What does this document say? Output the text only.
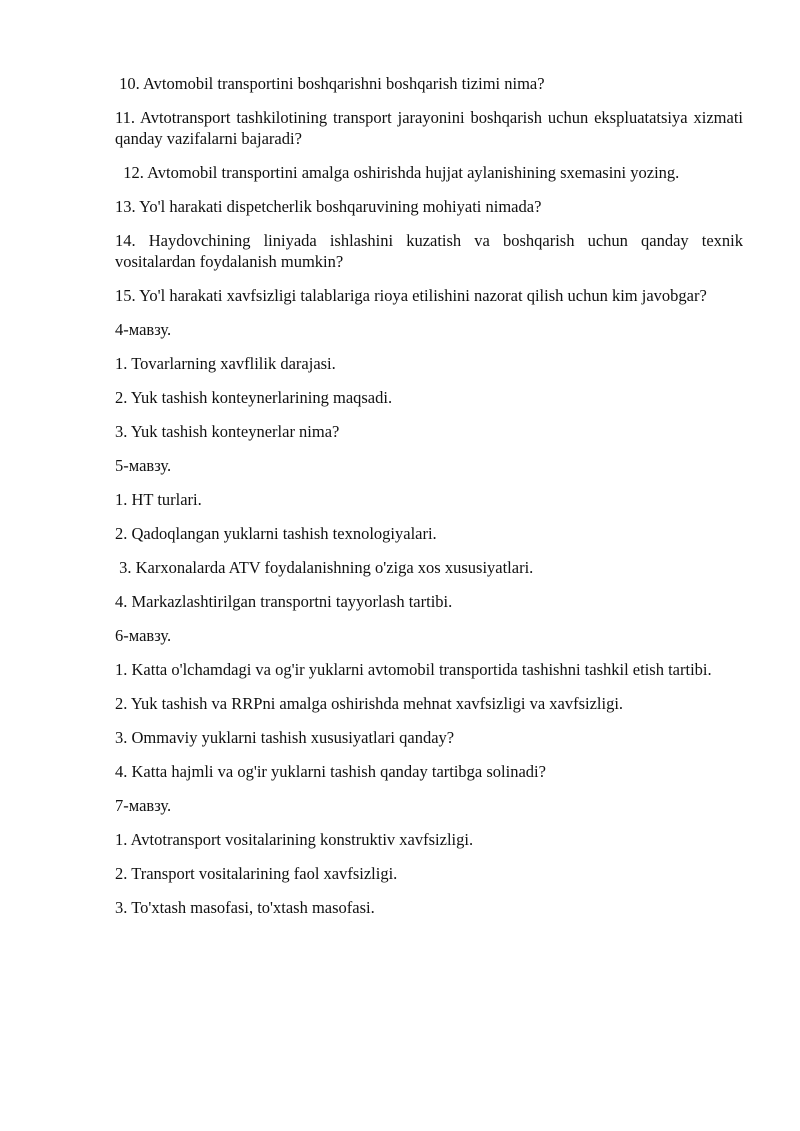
10. Avtomobil transportini boshqarishni boshqarish tizimi nima?

11. Avtotransport tashkilotining transport jarayonini boshqarish uchun ekspluatatsiya xizmati qanday vazifalarni bajaradi?

12. Avtomobil transportini amalga oshirishda hujjat aylanishining sxemasini yozing.

13. Yo'l harakati dispetcherlik boshqaruvining mohiyati nimada?

14. Haydovchining liniyada ishlashini kuzatish va boshqarish uchun qanday texnik vositalardan foydalanish mumkin?

15. Yo'l harakati xavfsizligi talablariga rioya etilishini nazorat qilish uchun kim javobgar?

4-мавзу.

1. Tovarlarning xavflilik darajasi.

2. Yuk tashish konteynerlarining maqsadi.

3. Yuk tashish konteynerlar nima?

5-мавзу.

1. HT turlari.

2. Qadoqlangan yuklarni tashish texnologiyalari.

3. Karxonalarda ATV foydalanishning o'ziga xos xususiyatlari.

4. Markazlashtirilgan transportni tayyorlash tartibi.

6-мавзу.

1. Katta o'lchamdagi va og'ir yuklarni avtomobil transportida tashishni tashkil etish tartibi.

2. Yuk tashish va RRPni amalga oshirishda mehnat xavfsizligi va xavfsizligi.

3. Ommaviy yuklarni tashish xususiyatlari qanday?

4. Katta hajmli va og'ir yuklarni tashish qanday tartibga solinadi?

7-мавзу.

1. Avtotransport vositalarining konstruktiv xavfsizligi.

2. Transport vositalarining faol xavfsizligi.

3. To'xtash masofasi, to'xtash masofasi.
